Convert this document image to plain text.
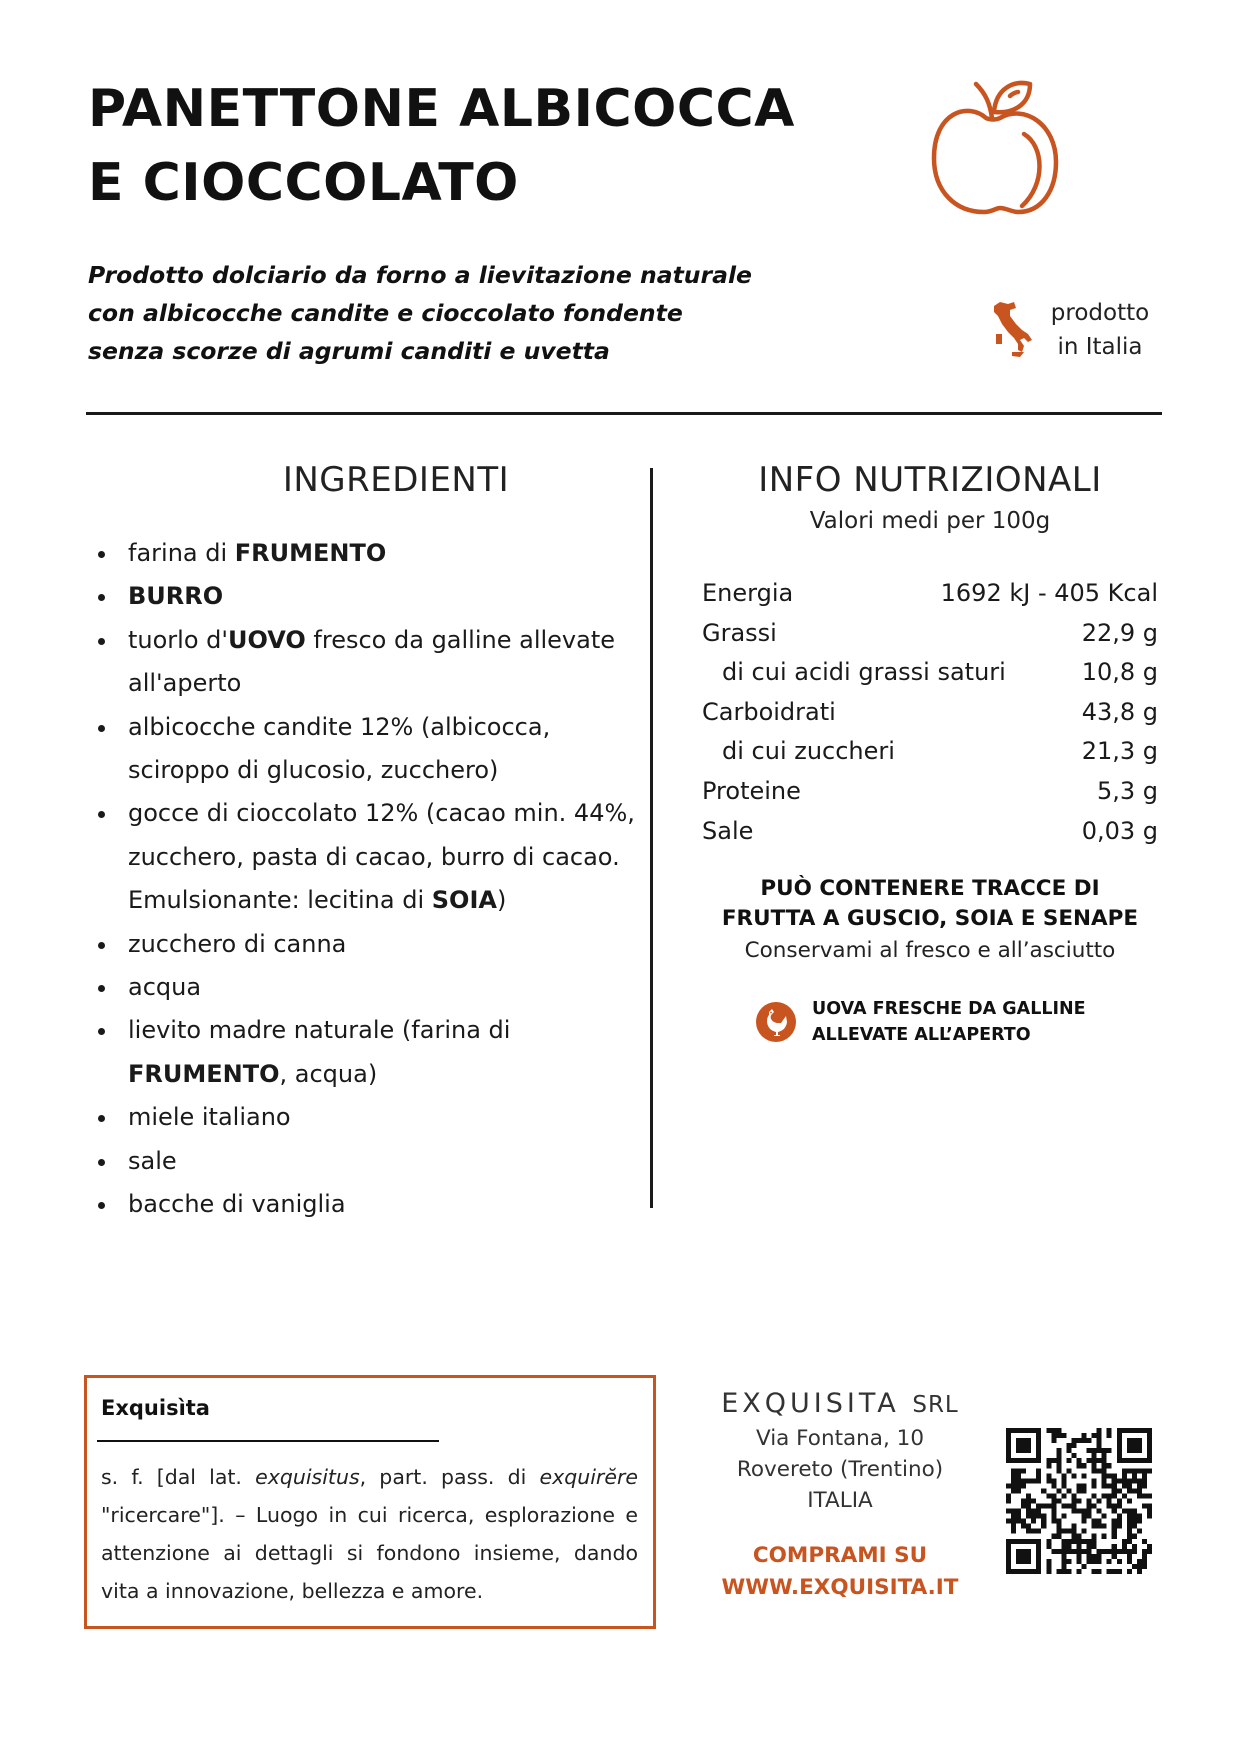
PANETTONE ALBICOCCA
E CIOCCOLATO
Prodotto dolciario da forno a lievitazione naturale
con albicocche candite e cioccolato fondente
senza scorze di agrumi canditi e uvetta
prodotto
in Italia
INGREDIENTI
farina di FRUMENTO
BURRO
tuorlo d'UOVO fresco da galline allevate all'aperto
albicocche candite 12% (albicocca, sciroppo di glucosio, zucchero)
gocce di cioccolato 12% (cacao min. 44%, zucchero, pasta di cacao, burro di cacao. Emulsionante: lecitina di SOIA)
zucchero di canna
acqua
lievito madre naturale (farina di FRUMENTO, acqua)
miele italiano
sale
bacche di vaniglia
INFO NUTRIZIONALI
Valori medi per 100g
Energia	1692 kJ - 405 Kcal
Grassi	22,9 g
di cui acidi grassi saturi	10,8 g
Carboidrati	43,8 g
di cui zuccheri	21,3 g
Proteine	5,3 g
Sale	0,03 g
PUÒ CONTENERE TRACCE DI
FRUTTA A GUSCIO, SOIA E SENAPE
Conservami al fresco e all’asciutto
UOVA FRESCHE DA GALLINE
ALLEVATE ALL’APERTO
Exquisìta

s. f. [dal lat. exquisitus, part. pass. di exquirĕre "ricercare"]. – Luogo in cui ricerca, esplorazione e attenzione ai dettagli si fondono insieme, dando vita a innovazione, bellezza e amore.

EXQUISITA SRL
Via Fontana, 10
Rovereto (Trentino)
ITALIA
COMPRAMI SU
WWW.EXQUISITA.IT
